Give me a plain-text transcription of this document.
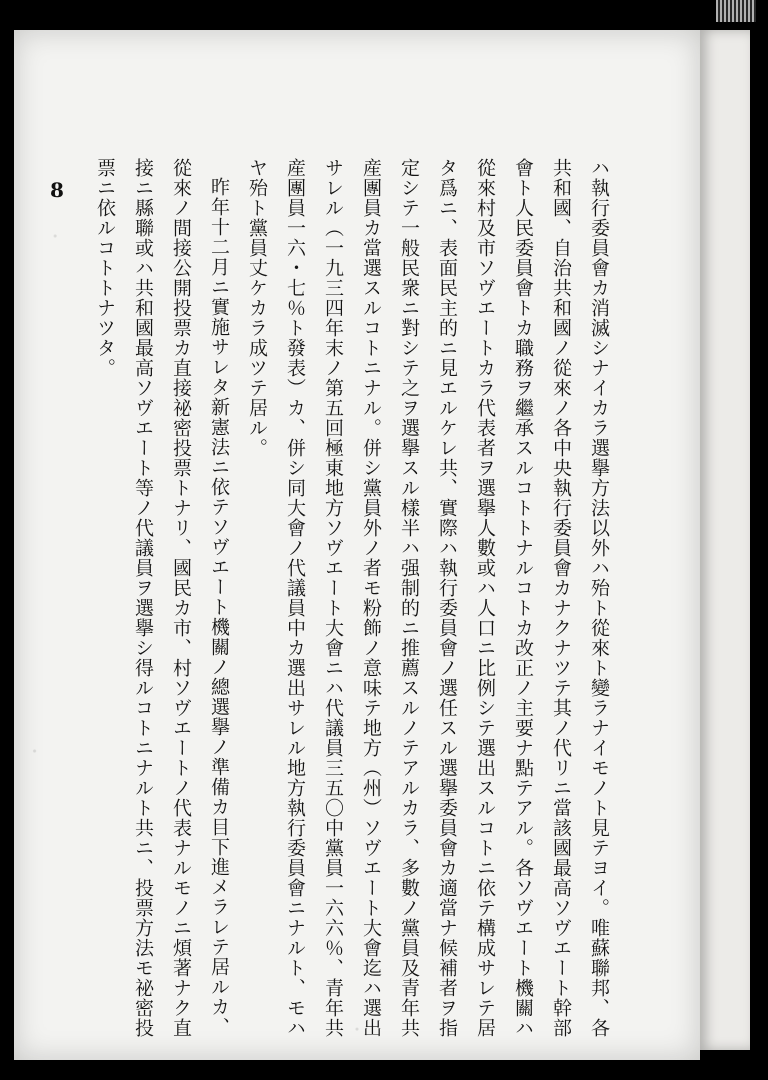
8	ハ執行委員會カ消滅シナイカラ選擧方法以外ハ殆ト從來ト變ラナイモノト見テヨイ。唯蘇聯邦、各共和國、自治共和國ノ從來ノ各中央執行委員會カナクナツテ其ノ代リニ當該國最高ソヴエート幹部會ト人民委員會トカ職務ヲ繼承スルコトトナルコトカ改正ノ主要ナ點テアル。各ソヴエート機關ハ從來村及市ソヴエートカラ代表者ヲ選擧人數或ハ人口ニ比例シテ選出スルコトニ依テ構成サレテ居タ爲ニ、表面民主的ニ見エルケレ共、實際ハ執行委員會ノ選任スル選擧委員會カ適當ナ候補者ヲ指定シテ一般民衆ニ對シテ之ヲ選擧スル樣半ハ强制的ニ推薦スルノテアルカラ、多數ノ黨員及青年共産團員カ當選スルコトニナル。併シ黨員外ノ者モ粉飾ノ意味テ地方（州）ソヴエート大會迄ハ選出サレル（一九三四年末ノ第五回極東地方ソヴエート大會ニハ代議員三五〇中黨員一六六％、青年共産團員一六・七％ト發表）カ、併シ同大會ノ代議員中カ選出サレル地方執行委員會ニナルト、モハヤ殆ト黨員丈ケカラ成ツテ居ル。

昨年十二月ニ實施サレタ新憲法ニ依テソヴエート機關ノ總選擧ノ準備カ目下進メラレテ居ルカ、從來ノ間接公開投票カ直接祕密投票トナリ、國民カ市、村ソヴエートノ代表ナルモノニ煩著ナク直接ニ縣聯或ハ共和國最高ソヴエート等ノ代議員ヲ選擧シ得ルコトニナルト共ニ、投票方法モ祕密投票ニ依ルコトトナツタ。
